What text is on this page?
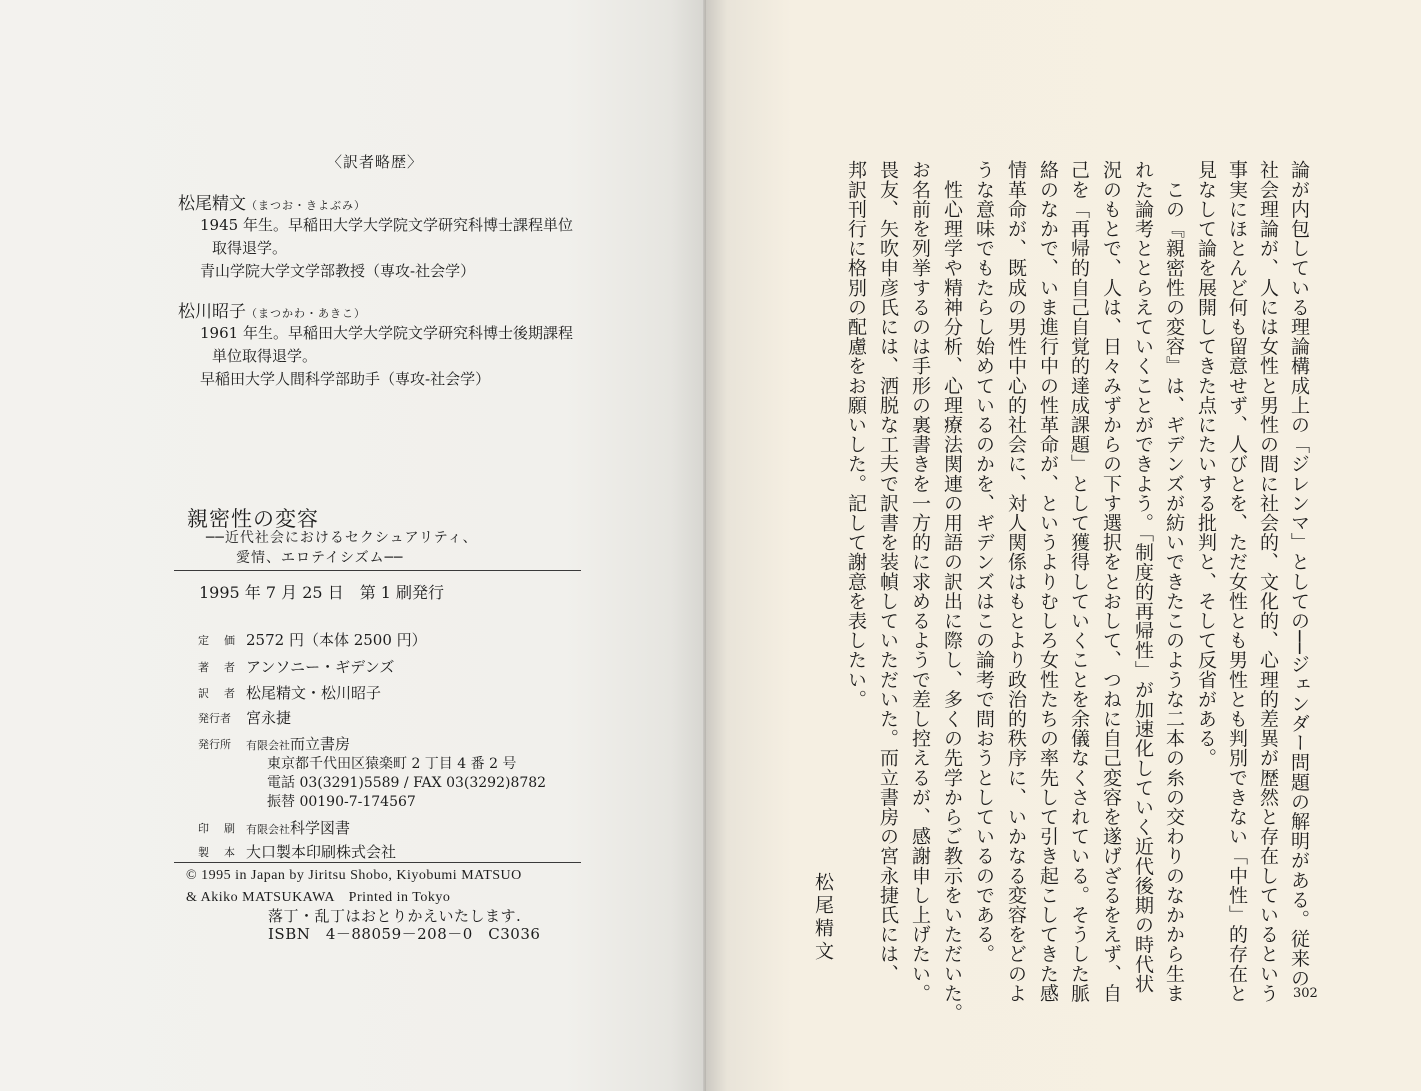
〈訳者略歴〉
松尾精文（まつお・きよぶみ）
1945 年生。早稲田大学大学院文学研究科博士課程単位
取得退学。
青山学院大学文学部教授（専攻-社会学）
松川昭子（まつかわ・あきこ）
1961 年生。早稲田大学大学院文学研究科博士後期課程
単位取得退学。
早稲田大学人間科学部助手（専攻-社会学）
親密性の変容
──近代社会におけるセクシュアリティ、
愛情、エロテイシズム──
1995 年 7 月 25 日　第 1 刷発行
定　価 2572 円（本体 2500 円）
著　者 アンソニー・ギデンズ
訳　者 松尾精文・松川昭子
発行者 宮永捷
発行所 有限会社而立書房
東京都千代田区猿楽町 2 丁目 4 番 2 号
電話 03(3291)5589 / FAX 03(3292)8782
振替 00190-7-174567
印　刷 有限会社科学図書
製　本 大口製本印刷株式会社
© 1995 in Japan by Jiritsu Shobo, Kiyobumi MATSUO
& Akiko MATSUKAWA　Printed in Tokyo
落丁・乱丁はおとりかえいたします.
ISBN　4－88059－208－0　C3036	論が内包している理論構成上の「ジレンマ」としての──ジェンダー問題の解明がある。従来の
社会理論が、人には女性と男性の間に社会的、文化的、心理的差異が歴然と存在しているという
事実にほとんど何も留意せず、人びとを、ただ女性とも男性とも判別できない「中性」的存在と
見なして論を展開してきた点にたいする批判と、そして反省がある。
　この『親密性の変容』は、ギデンズが紡いできたこのような二本の糸の交わりのなかから生ま
れた論考ととらえていくことができよう。「制度的再帰性」が加速化していく近代後期の時代状
況のもとで、人は、日々みずからの下す選択をとおして、つねに自己変容を遂げざるをえず、自
己を「再帰的自己自覚的達成課題」として獲得していくことを余儀なくされている。そうした脈
絡のなかで、いま進行中の性革命が、というよりむしろ女性たちの率先して引き起こしてきた感
情革命が、既成の男性中心的社会に、対人関係はもとより政治的秩序に、いかなる変容をどのよ
うな意味でもたらし始めているのかを、ギデンズはこの論考で問おうとしているのである。
　性心理学や精神分析、心理療法関連の用語の訳出に際し、多くの先学からご教示をいただいた。
お名前を列挙するのは手形の裏書きを一方的に求めるようで差し控えるが、感謝申し上げたい。
畏友、矢吹申彦氏には、洒脱な工夫で訳書を装幀していただいた。而立書房の宮永捷氏には、
邦訳刊行に格別の配慮をお願いした。記して謝意を表したい。
松尾精文
302
